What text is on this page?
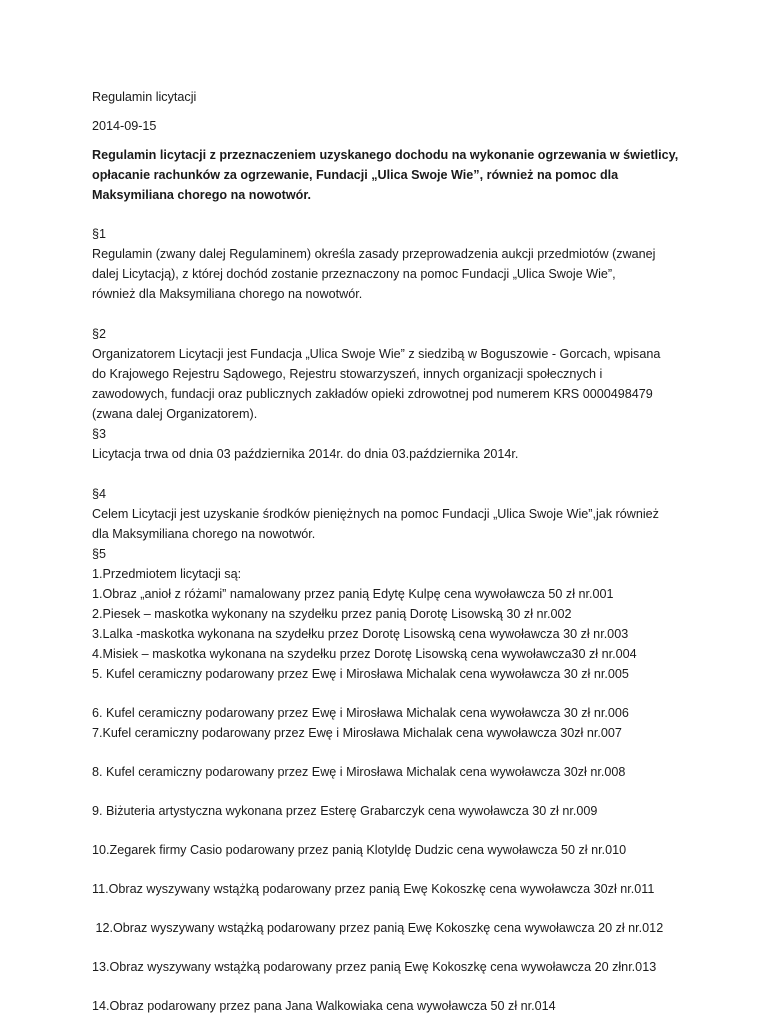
Regulamin licytacji
2014-09-15
Regulamin licytacji z przeznaczeniem uzyskanego dochodu na wykonanie ogrzewania w świetlicy,
opłacanie rachunków za ogrzewanie, Fundacji „Ulica Swoje Wie”, również na pomoc dla
Maksymiliana chorego na nowotwór.
§1
Regulamin (zwany dalej Regulaminem) określa zasady przeprowadzenia aukcji przedmiotów (zwanej
dalej Licytacją), z której dochód zostanie przeznaczony na pomoc Fundacji „Ulica Swoje Wie”,
również dla Maksymiliana chorego na nowotwór.
§2
Organizatorem Licytacji jest Fundacja „Ulica Swoje Wie” z siedzibą w Boguszowie - Gorcach, wpisana
do Krajowego Rejestru Sądowego, Rejestru stowarzyszeń, innych organizacji społecznych i
zawodowych, fundacji oraz publicznych zakładów opieki zdrowotnej pod numerem KRS 0000498479
(zwana dalej Organizatorem).
§3
Licytacja trwa od dnia 03 października 2014r. do dnia 03.października 2014r.
§4
Celem Licytacji jest uzyskanie środków pieniężnych na pomoc Fundacji „Ulica Swoje Wie”,jak również
dla Maksymiliana chorego na nowotwór.
§5
1.Przedmiotem licytacji są:
1.Obraz „anioł z różami” namalowany przez panią Edytę Kulpę cena wywoławcza 50 zł nr.001
2.Piesek – maskotka wykonany na szydełku przez panią Dorotę Lisowską 30 zł nr.002
3.Lalka -maskotka wykonana na szydełku przez Dorotę Lisowską cena wywoławcza 30 zł nr.003
4.Misiek – maskotka wykonana na szydełku przez Dorotę Lisowską cena wywoławcza30 zł nr.004
5. Kufel ceramiczny podarowany przez Ewę i Mirosława Michalak cena wywoławcza 30 zł nr.005
6. Kufel ceramiczny podarowany przez Ewę i Mirosława Michalak cena wywoławcza 30 zł nr.006
7.Kufel ceramiczny podarowany przez Ewę i Mirosława Michalak cena wywoławcza 30zł nr.007
8. Kufel ceramiczny podarowany przez Ewę i Mirosława Michalak cena wywoławcza 30zł nr.008
9. Biżuteria artystyczna wykonana przez Esterę Grabarczyk cena wywoławcza 30 zł nr.009
10.Zegarek firmy Casio podarowany przez panią Klotyldę Dudzic cena wywoławcza 50 zł nr.010
11.Obraz wyszywany wstążką podarowany przez panią Ewę Kokoszkę cena wywoławcza 30zł nr.011
12.Obraz wyszywany wstążką podarowany przez panią Ewę Kokoszkę cena wywoławcza 20 zł nr.012
13.Obraz wyszywany wstążką podarowany przez panią Ewę Kokoszkę cena wywoławcza 20 złnr.013
14.Obraz podarowany przez pana Jana Walkowiaka cena wywoławcza 50 zł nr.014
